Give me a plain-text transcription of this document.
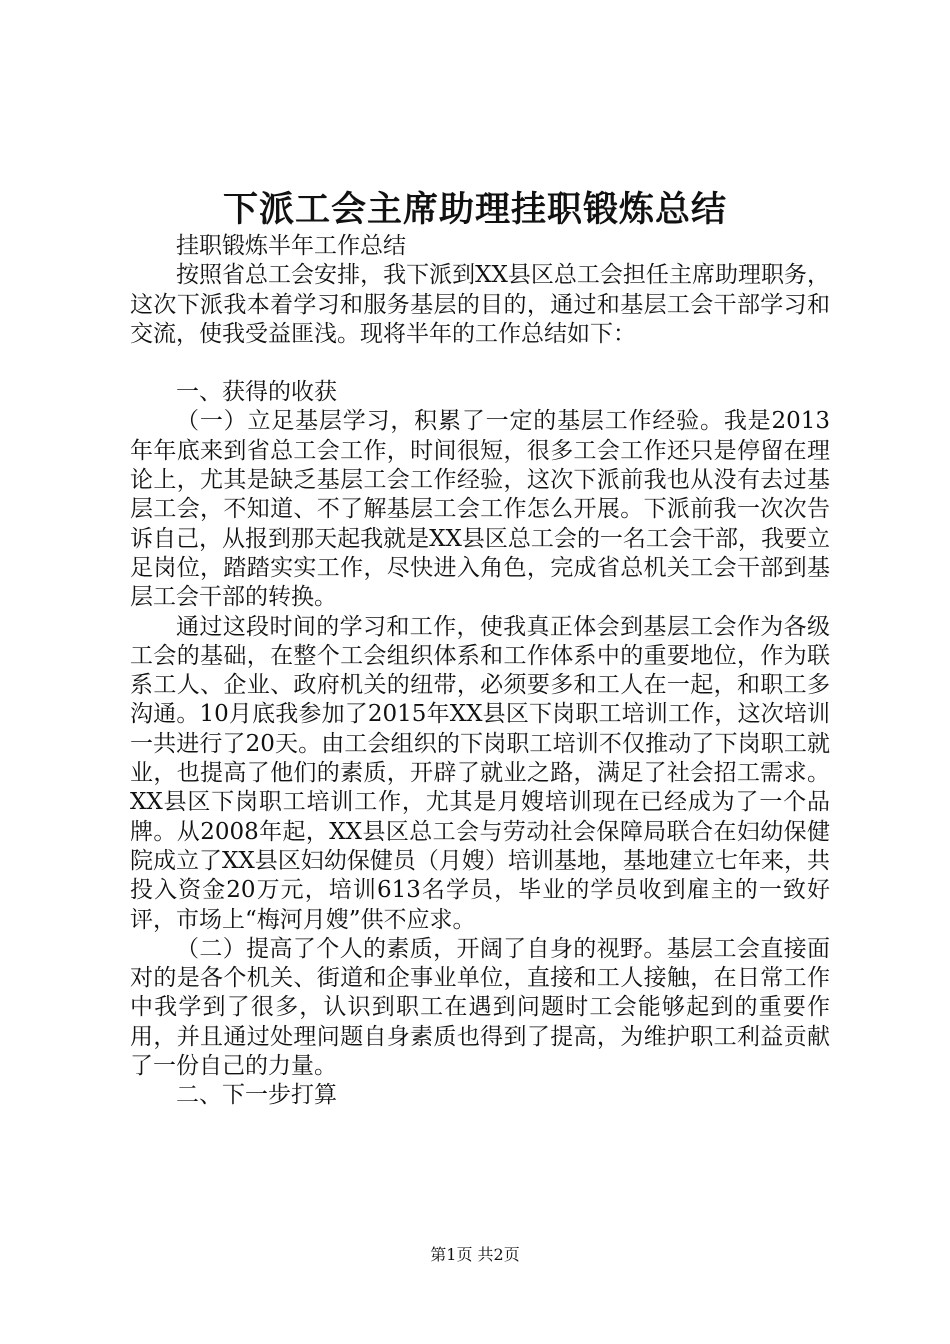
下派工会主席助理挂职锻炼总结

挂职锻炼半年工作总结

按照省总工会安排，我下派到XX县区总工会担任主席助理职务，这次下派我本着学习和服务基层的目的，通过和基层工会干部学习和交流，使我受益匪浅。现将半年的工作总结如下：

一、获得的收获

（一）立足基层学习，积累了一定的基层工作经验。我是2013年年底来到省总工会工作，时间很短，很多工会工作还只是停留在理论上，尤其是缺乏基层工会工作经验，这次下派前我也从没有去过基层工会，不知道、不了解基层工会工作怎么开展。下派前我一次次告诉自己，从报到那天起我就是XX县区总工会的一名工会干部，我要立足岗位，踏踏实实工作，尽快进入角色，完成省总机关工会干部到基层工会干部的转换。

通过这段时间的学习和工作，使我真正体会到基层工会作为各级工会的基础，在整个工会组织体系和工作体系中的重要地位，作为联系工人、企业、政府机关的纽带，必须要多和工人在一起，和职工多沟通。10月底我参加了2015年XX县区下岗职工培训工作，这次培训一共进行了20天。由工会组织的下岗职工培训不仅推动了下岗职工就业，也提高了他们的素质，开辟了就业之路，满足了社会招工需求。XX县区下岗职工培训工作，尤其是月嫂培训现在已经成为了一个品牌。从2008年起，XX县区总工会与劳动社会保障局联合在妇幼保健院成立了XX县区妇幼保健员（月嫂）培训基地，基地建立七年来，共投入资金20万元，培训613名学员，毕业的学员收到雇主的一致好评，市场上“梅河月嫂”供不应求。

（二）提高了个人的素质，开阔了自身的视野。基层工会直接面对的是各个机关、街道和企事业单位，直接和工人接触，在日常工作中我学到了很多，认识到职工在遇到问题时工会能够起到的重要作用，并且通过处理问题自身素质也得到了提高，为维护职工利益贡献了一份自己的力量。

二、下一步打算

第1页 共2页
